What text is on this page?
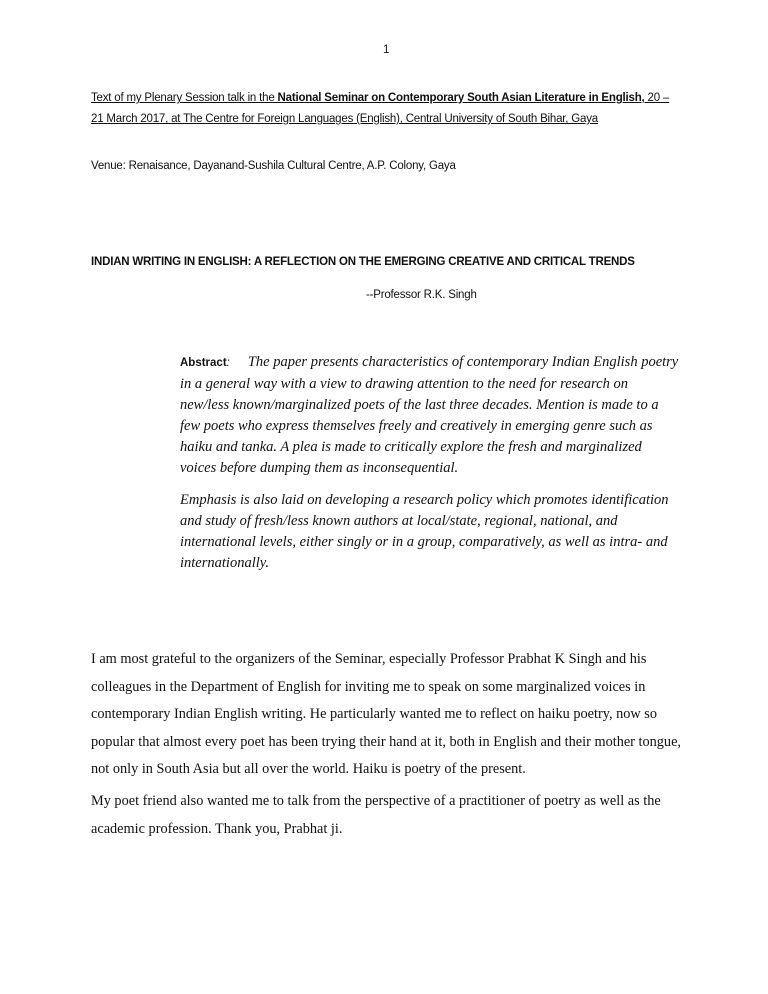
1
Text of my Plenary Session talk in the National Seminar on Contemporary South Asian Literature in English, 20 – 21 March 2017, at The Centre for Foreign Languages (English), Central University of South Bihar, Gaya
Venue: Renaisance, Dayanand-Sushila Cultural Centre, A.P. Colony, Gaya
INDIAN WRITING IN ENGLISH: A REFLECTION ON THE EMERGING CREATIVE AND CRITICAL TRENDS
--Professor R.K. Singh
Abstract: The paper presents characteristics of contemporary Indian English poetry in a general way with a view to drawing attention to the need for research on new/less known/marginalized poets of the last three decades. Mention is made to a few poets who express themselves freely and creatively in emerging genre such as haiku and tanka. A plea is made to critically explore the fresh and marginalized voices before dumping them as inconsequential.
Emphasis is also laid on developing a research policy which promotes identification and study of fresh/less known authors at local/state, regional, national, and international levels, either singly or in a group, comparatively, as well as intra- and internationally.
I am most grateful to the organizers of the Seminar, especially Professor Prabhat K Singh and his colleagues in the Department of English for inviting me to speak on some marginalized voices in contemporary Indian English writing. He particularly wanted me to reflect on haiku poetry, now so popular that almost every poet has been trying their hand at it, both in English and their mother tongue, not only in South Asia but all over the world. Haiku is poetry of the present.
My poet friend also wanted me to talk from the perspective of a practitioner of poetry as well as the academic profession. Thank you, Prabhat ji.
